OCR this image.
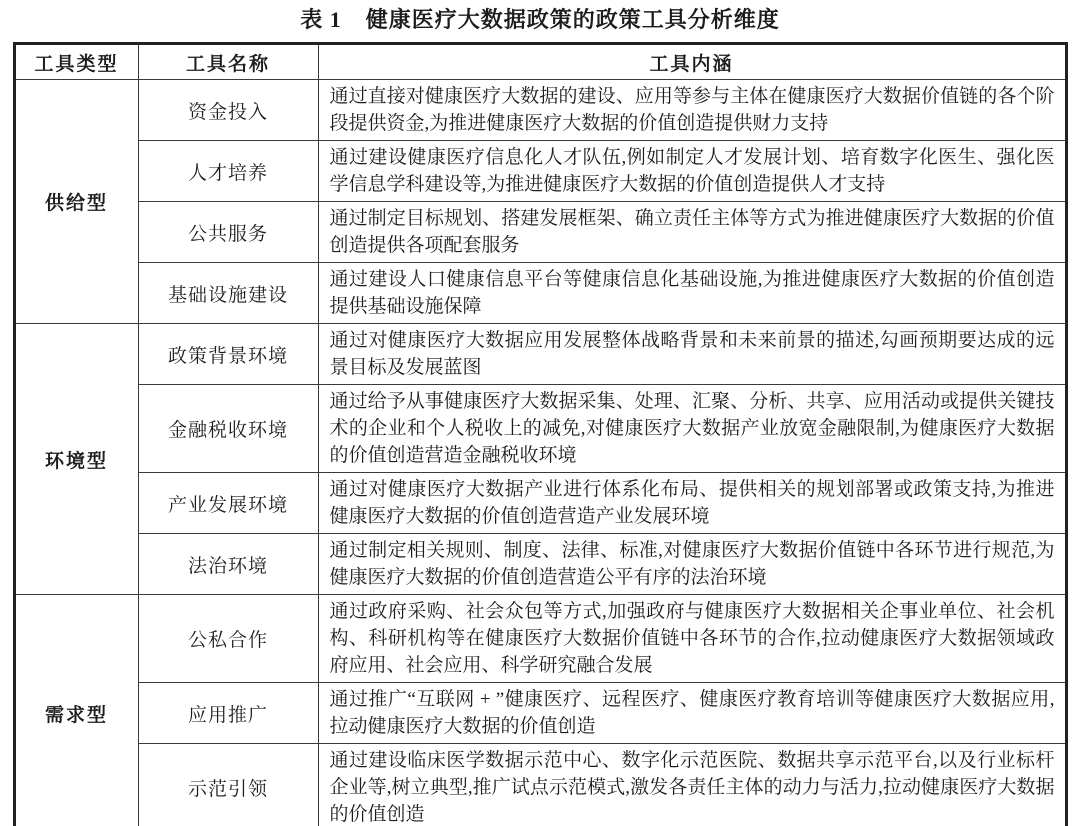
表 1 健康医疗大数据政策的政策工具分析维度
工具类型	工具名称	工具内涵
供给型	资金投入	通过直接对健康医疗大数据的建设、应用等参与主体在健康医疗大数据价值链的各个阶段提供资金,为推进健康医疗大数据的价值创造提供财力支持
	人才培养	通过建设健康医疗信息化人才队伍,例如制定人才发展计划、培育数字化医生、强化医学信息学科建设等,为推进健康医疗大数据的价值创造提供人才支持
	公共服务	通过制定目标规划、搭建发展框架、确立责任主体等方式为推进健康医疗大数据的价值创造提供各项配套服务
	基础设施建设	通过建设人口健康信息平台等健康信息化基础设施,为推进健康医疗大数据的价值创造提供基础设施保障
环境型	政策背景环境	通过对健康医疗大数据应用发展整体战略背景和未来前景的描述,勾画预期要达成的远景目标及发展蓝图
	金融税收环境	通过给予从事健康医疗大数据采集、处理、汇聚、分析、共享、应用活动或提供关键技术的企业和个人税收上的减免,对健康医疗大数据产业放宽金融限制,为健康医疗大数据的价值创造营造金融税收环境
	产业发展环境	通过对健康医疗大数据产业进行体系化布局、提供相关的规划部署或政策支持,为推进健康医疗大数据的价值创造营造产业发展环境
	法治环境	通过制定相关规则、制度、法律、标准,对健康医疗大数据价值链中各环节进行规范,为健康医疗大数据的价值创造营造公平有序的法治环境
需求型	公私合作	通过政府采购、社会众包等方式,加强政府与健康医疗大数据相关企事业单位、社会机构、科研机构等在健康医疗大数据价值链中各环节的合作,拉动健康医疗大数据领域政府应用、社会应用、科学研究融合发展
	应用推广	通过推广“互联网 + ”健康医疗、远程医疗、健康医疗教育培训等健康医疗大数据应用,拉动健康医疗大数据的价值创造
	示范引领	通过建设临床医学数据示范中心、数字化示范医院、数据共享示范平台,以及行业标杆企业等,树立典型,推广试点示范模式,激发各责任主体的动力与活力,拉动健康医疗大数据的价值创造
